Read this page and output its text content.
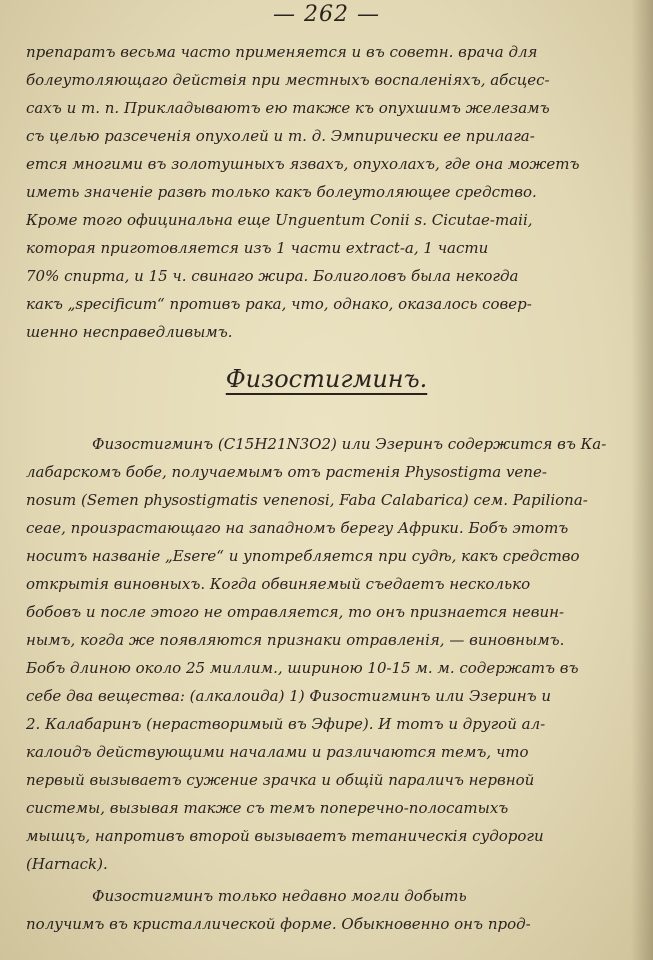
— 262 —
препаратъ весьма часто применяется и въ советн. врача для
болеутоляющаго действія при местныхъ воспаленіяхъ, абсцес-
сахъ и т. п. Прикладываютъ ею также къ опухшимъ железамъ
съ целью разсеченія опухолей и т. д. Эмпирически ее прилага-
ется многими въ золотушныхъ язвахъ, опухолахъ, где она можетъ
иметь значеніе развѣ только какъ болеутоляющее средство.
Кроме того официнальна еще Unguentum Conii s. Cicutae-maii,
которая приготовляется изъ 1 части extract-a, 1 части
70% спирта, и 15 ч. свинаго жира. Болиголовъ была некогда
какъ „specificum“ противъ рака, что, однако, оказалось совер-
шенно несправедливымъ.
Физостигминъ.
Физостигминъ (C15H21N3O2) или Эзеринъ содержится въ Ка-
лабарскомъ бобе, получаемымъ отъ растенія Physostigma vene-
nosum (Semen physostigmatis venenosi, Faba Calabarica) сем. Papiliona-
ceae, произрастающаго на западномъ берегу Африки. Бобъ этотъ
носитъ названіе „Esere“ и употребляется при судѣ, какъ средство
открытія виновныхъ. Когда обвиняемый съедаетъ несколько
бобовъ и после этого не отравляется, то онъ признается невин-
нымъ, когда же появляются признаки отравленія, — виновнымъ.
Бобъ длиною около 25 миллим., шириною 10-15 м. м. содержатъ въ
себе два вещества: (алкалоида) 1) Физостигминъ или Эзеринъ и
2. Калабаринъ (нерастворимый въ Эфире). И тотъ и другой ал-
калоидъ действующими началами и различаются темъ, что
первый вызываетъ сужение зрачка и общій параличъ нервной
системы, вызывая также съ темъ поперечно-полосатыхъ
мышцъ, напротивъ второй вызываетъ тетаническія судороги
(Harnack).
Физостигминъ только недавно могли добыть
получимъ въ кристаллической форме. Обыкновенно онъ прод-
